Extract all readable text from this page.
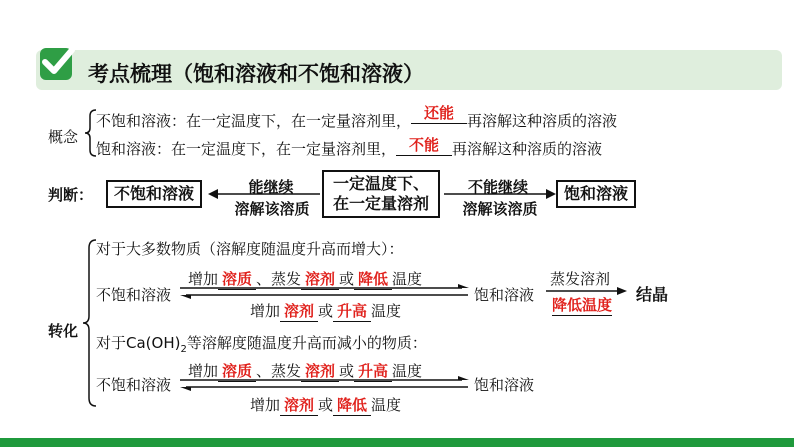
考点梳理（饱和溶液和不饱和溶液）
概念
不饱和溶液：在一定温度下，在一定量溶剂里， 还能 再溶解这种溶质的溶液
饱和溶液：在一定温度下，在一定量溶剂里， 不能 再溶解这种溶质的溶液
判断：	不饱和溶液	能继续
溶解该溶质
一定温度下、
在一定量溶剂
不能继续
溶解该溶质
饱和溶液
转化
对于大多数物质（溶解度随温度升高而增大）：
不饱和溶液
增加 溶质 、蒸发 溶剂 或 降低 温度
增加 溶剂 或 升高 温度
饱和溶液
蒸发溶剂
降低温度
结晶
对于$Ca(OH)_2$等溶解度随温度升高而减小的物质：
不饱和溶液
增加 溶质 、蒸发 溶剂 或 升高 温度
增加 溶剂 或 降低 温度
饱和溶液
